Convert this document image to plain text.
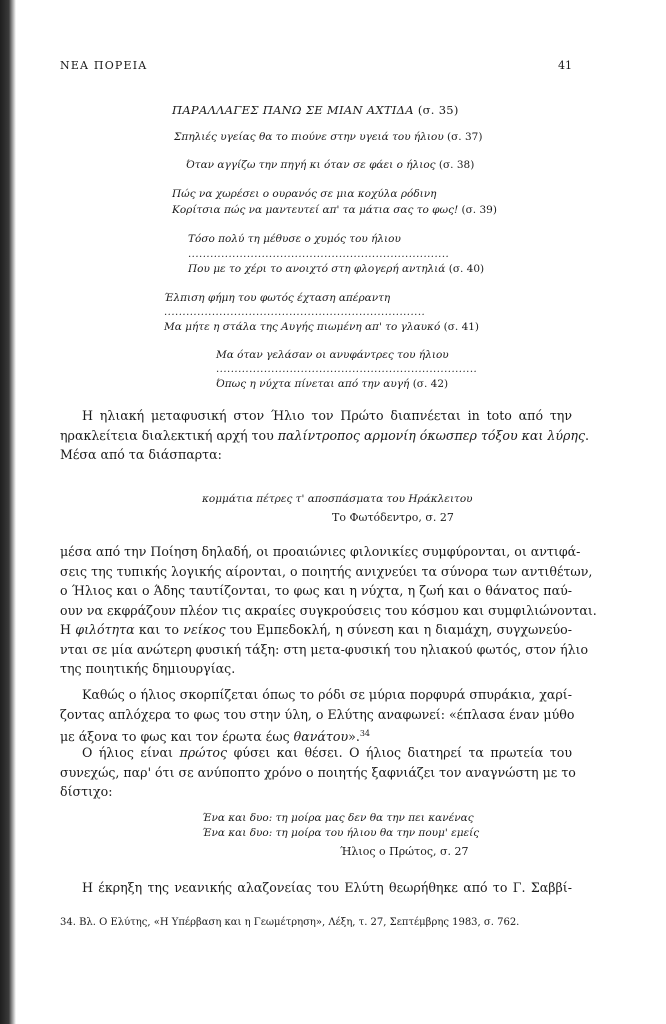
ΝΕΑ ΠΟΡΕΙΑ	41
ΠΑΡΑΛΛΑΓΕΣ ΠΑΝΩ ΣΕ ΜΙΑΝ ΑΧΤΙΔΑ (σ. 35)
Σπηλιές υγείας θα το πιούνε στην υγειά του ήλιου (σ. 37)
Όταν αγγίζω την πηγή κι όταν σε φάει ο ήλιος (σ. 38)
Πώς να χωρέσει ο ουρανός σε μια κοχύλα ρόδινη
Κορίτσια πώς να μαντευτεί απ' τα μάτια σας το φως! (σ. 39)
Τόσο πολύ τη μέθυσε ο χυμός του ήλιου
.......................................................................
Που με το χέρι το ανοιχτό στη φλογερή αντηλιά (σ. 40)
Έλπιση φήμη του φωτός έχταση απέραντη
.......................................................................
Μα μήτε η στάλα της Αυγής πιωμένη απ' το γλαυκό (σ. 41)
Μα όταν γελάσαν οι ανυφάντρες του ήλιου
.......................................................................
Όπως η νύχτα πίνεται από την αυγή (σ. 42)
Η ηλιακή μεταφυσική στον Ήλιο τον Πρώτο διαπνέεται in toto από την
ηρακλείτεια διαλεκτική αρχή του παλίντροπος αρμονίη όκωσπερ τόξου και λύρης.
Μέσα από τα διάσπαρτα:
κομμάτια πέτρες τ' αποσπάσματα του Ηράκλειτου
Το Φωτόδεντρο, σ. 27
μέσα από την Ποίηση δηλαδή, οι προαιώνιες φιλονικίες συμφύρονται, οι αντιφά-
σεις της τυπικής λογικής αίρονται, ο ποιητής ανιχνεύει τα σύνορα των αντιθέτων,
ο Ήλιος και ο Άδης ταυτίζονται, το φως και η νύχτα, η ζωή και ο θάνατος παύ-
ουν να εκφράζουν πλέον τις ακραίες συγκρούσεις του κόσμου και συμφιλιώνονται.
Η φιλότητα και το νείκος του Εμπεδοκλή, η σύνεση και η διαμάχη, συγχωνεύο-
νται σε μία ανώτερη φυσική τάξη: στη μετα-φυσική του ηλιακού φωτός, στον ήλιο
της ποιητικής δημιουργίας.
Καθώς ο ήλιος σκορπίζεται όπως το ρόδι σε μύρια πορφυρά σπυράκια, χαρί-
ζοντας απλόχερα το φως του στην ύλη, ο Ελύτης αναφωνεί: «έπλασα έναν μύθο
με άξονα το φως και τον έρωτα έως θανάτου».$^{34}$
Ο ήλιος είναι πρώτος φύσει και θέσει. Ο ήλιος διατηρεί τα πρωτεία του
συνεχώς, παρ' ότι σε ανύποπτο χρόνο ο ποιητής ξαφνιάζει τον αναγνώστη με το
δίστιχο:
Ένα και δυο: τη μοίρα μας δεν θα την πει κανένας
Ένα και δυο: τη μοίρα του ήλιου θα την πουμ' εμείς
Ήλιος ο Πρώτος, σ. 27
Η έκρηξη της νεανικής αλαζονείας του Ελύτη θεωρήθηκε από το Γ. Σαββί-
34. Βλ. Ο Ελύτης, «Η Υπέρβαση και η Γεωμέτρηση», Λέξη, τ. 27, Σεπτέμβρης 1983, σ. 762.
